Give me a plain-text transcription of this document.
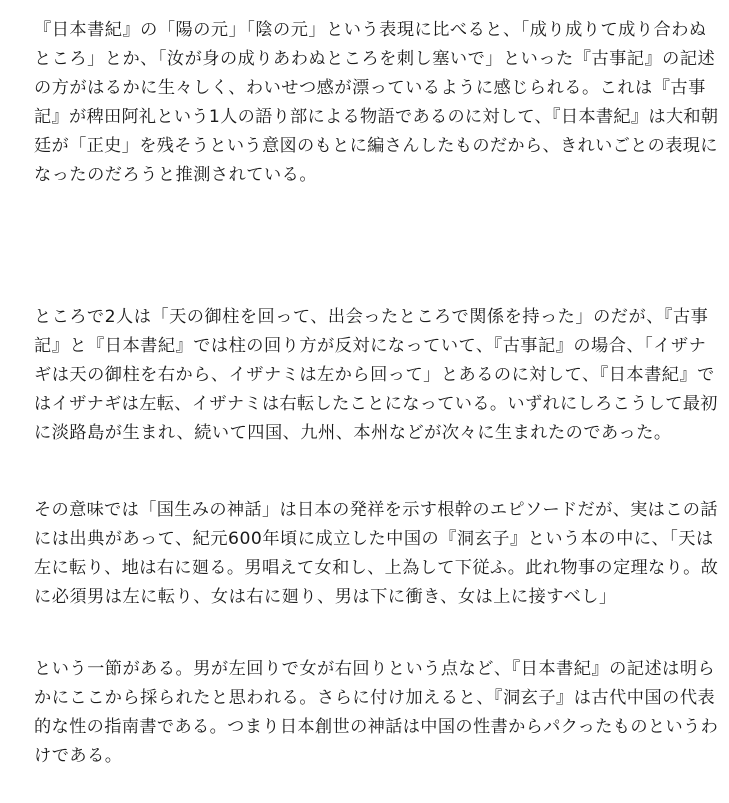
『日本書紀』の「陽の元」「陰の元」という表現に比べると、「成り成りて成り合わぬ
ところ」とか、「汝が身の成りあわぬところを刺し塞いで」といった『古事記』の記述
の方がはるかに生々しく、わいせつ感が漂っているように感じられる。これは『古事
記』が稗田阿礼という1人の語り部による物語であるのに対して、『日本書紀』は大和朝
廷が「正史」を残そうという意図のもとに編さんしたものだから、きれいごとの表現に
なったのだろうと推測されている。

ところで2人は「天の御柱を回って、出会ったところで関係を持った」のだが、『古事
記』と『日本書紀』では柱の回り方が反対になっていて、『古事記』の場合、「イザナ
ギは天の御柱を右から、イザナミは左から回って」とあるのに対して、『日本書紀』で
はイザナギは左転、イザナミは右転したことになっている。いずれにしろこうして最初
に淡路島が生まれ、続いて四国、九州、本州などが次々に生まれたのであった。

その意味では「国生みの神話」は日本の発祥を示す根幹のエピソードだが、実はこの話
には出典があって、紀元600年頃に成立した中国の『洞玄子』という本の中に、「天は
左に転り、地は右に廻る。男唱えて女和し、上為して下従ふ。此れ物事の定理なり。故
に必須男は左に転り、女は右に廻り、男は下に衝き、女は上に接すべし」

という一節がある。男が左回りで女が右回りという点など、『日本書紀』の記述は明ら
かにここから採られたと思われる。さらに付け加えると、『洞玄子』は古代中国の代表
的な性の指南書である。つまり日本創世の神話は中国の性書からパクったものというわ
けである。
